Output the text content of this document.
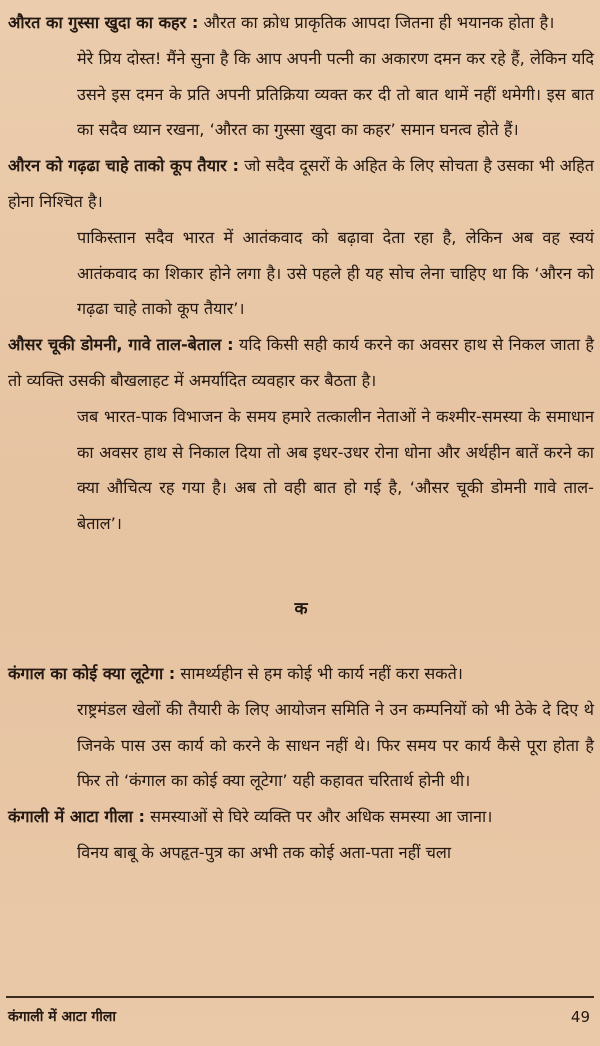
औरत का गुस्सा खुदा का कहर : औरत का क्रोध प्राकृतिक आपदा जितना ही भयानक होता है।

मेरे प्रिय दोस्त! मैंने सुना है कि आप अपनी पत्नी का अकारण दमन कर रहे हैं, लेकिन यदि उसने इस दमन के प्रति अपनी प्रतिक्रिया व्यक्त कर दी तो बात थामें नहीं थमेगी। इस बात का सदैव ध्यान रखना, ‘औरत का गुस्सा खुदा का कहर’ समान घनत्व होते हैं।

औरन को गढ़ढा चाहे ताको कूप तैयार : जो सदैव दूसरों के अहित के लिए सोचता है उसका भी अहित होना निश्चित है।

पाकिस्तान सदैव भारत में आतंकवाद को बढ़ावा देता रहा है, लेकिन अब वह स्वयं आतंकवाद का शिकार होने लगा है। उसे पहले ही यह सोच लेना चाहिए था कि ‘औरन को गढ़ढा चाहे ताको कूप तैयार’।

औसर चूकी डोमनी, गावे ताल-बेताल : यदि किसी सही कार्य करने का अवसर हाथ से निकल जाता है तो व्यक्ति उसकी बौखलाहट में अमर्यादित व्यवहार कर बैठता है।

जब भारत-पाक विभाजन के समय हमारे तत्कालीन नेताओं ने कश्मीर-समस्या के समाधान का अवसर हाथ से निकाल दिया तो अब इधर-उधर रोना धोना और अर्थहीन बातें करने का क्या औचित्य रह गया है। अब तो वही बात हो गई है, ‘औसर चूकी डोमनी गावे ताल-बेताल’।

क

कंगाल का कोई क्या लूटेगा : सामर्थ्यहीन से हम कोई भी कार्य नहीं करा सकते।

राष्ट्रमंडल खेलों की तैयारी के लिए आयोजन समिति ने उन कम्पनियों को भी ठेके दे दिए थे जिनके पास उस कार्य को करने के साधन नहीं थे। फिर समय पर कार्य कैसे पूरा होता है फिर तो ‘कंगाल का कोई क्या लूटेगा’ यही कहावत चरितार्थ होनी थी।

कंगाली में आटा गीला : समस्याओं से घिरे व्यक्ति पर और अधिक समस्या आ जाना।

विनय बाबू के अपहृत-पुत्र का अभी तक कोई अता-पता नहीं चला

कंगाली में आटा गीला	49
